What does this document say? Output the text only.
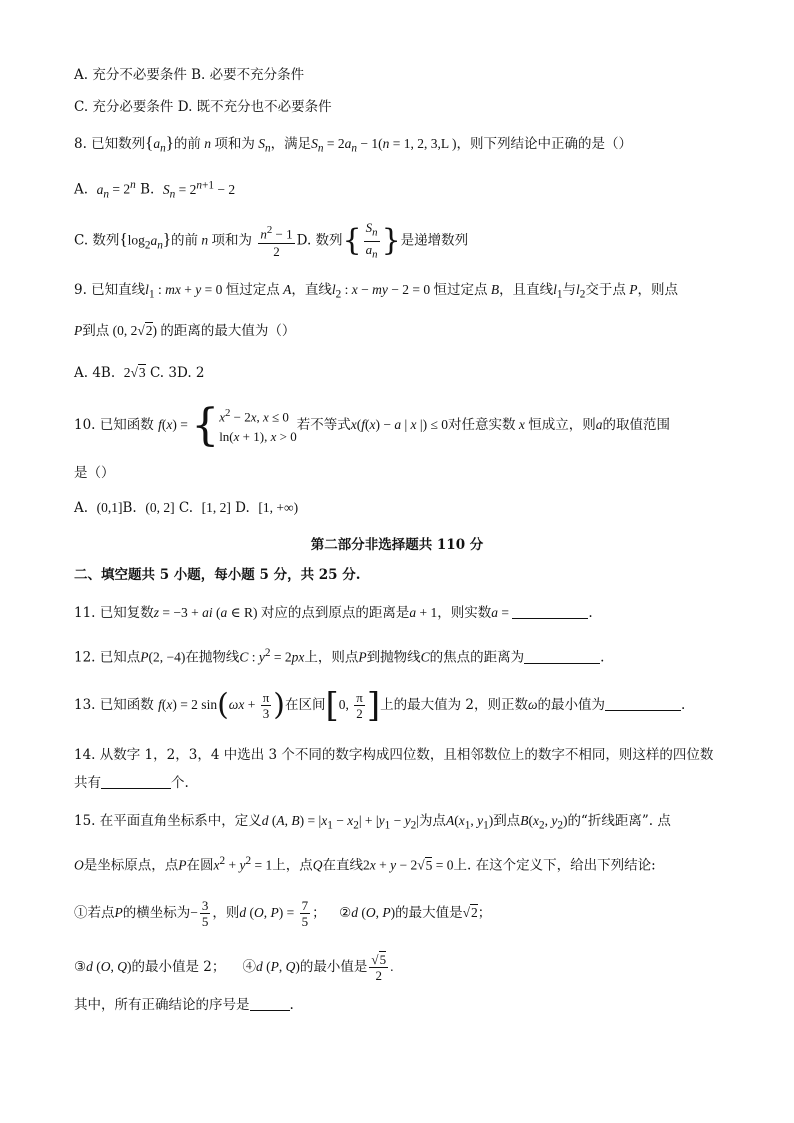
A. 充分不必要条件 B. 必要不充分条件
C. 充分必要条件 D. 既不充分也不必要条件
8. 已知数列$\{a_n\}$的前 n 项和为 $S_n$，满足$S_n = 2a_n - 1(n = 1$, 2, 3,L )，则下列结论中正确的是（）
A. $a_n = 2^n$ B. $S_n = 2^{n+1} - 2$
C. 数列$\{\log_2a_n\}$的前 n 项和为 $\frac{n^2 - 1}{2} D$. 数列{ $\frac{S_n}{a_n}$ }是递增数列
9. 已知直线$l_1$ : mx + y = 0 恒过定点 A，直线$l_2$ : x − my − 2 = 0 恒过定点 B，且直线$l_1$与$l_2$交于点 P，则点
P到点 (0, 2√2) 的距离的最大值为（）
A. 4B. 2√3 C. 3D. 2
10. 已知函数 f(x) = { $x^2 - 2x$, x ≤ 0
ln(x + 1), x > 0
若不等式x(f(x) − a | x |) ≤ 0对任意实数 x 恒成立，则a的取值范围
是（）
A. (0,1]B. (0, 2] C. [1, 2] D. [1, +∞)
第二部分非选择题共 110 分
二、填空题共 5 小题，每小题 5 分，共 25 分.
11. 已知复数z = −3 + ai (a ∈ R) 对应的点到原点的距离是a + 1，则实数a =	.
12. 已知点P(2, −4)在抛物线C : $y^2 = 2px$上，则点P到抛物线C的焦点的距离为	.
13. 已知函数 f(x) = 2 $\sin(\omega x + \frac{\pi}{3}$ )在区间[0, $\frac{\pi}{2}$ ]上的最大值为 2，则正数ω的最小值为	.
14. 从数字 1，2，3，4 中选出 3 个不同的数字构成四位数，且相邻数位上的数字不相同，则这样的四位数
共有	个.
15. 在平面直角坐标系中，定义d (A, $B) = |x_1 - x_2| + |y_1 - y_2|$为点$A(x_1$, $y_1$)到点$B(x_2$, $y_2$)的“折线距离”. 点
O是坐标原点，点P在圆$x^2 + y^2 = 1$上，点Q在直线2x + y − 2√5 = 0上. 在这个定义下，给出下列结论:
①若点P的横坐标为− $\frac{3}{5}$ ，则d (O, $P) = \frac{7}{5}$ ；    ②d (O, P)的最大值是√2；
③d (O, Q)的最小值是 2； ④d (P, Q)的最小值是 $\frac{√5}{2}$ .
其中，所有正确结论的序号是	.
